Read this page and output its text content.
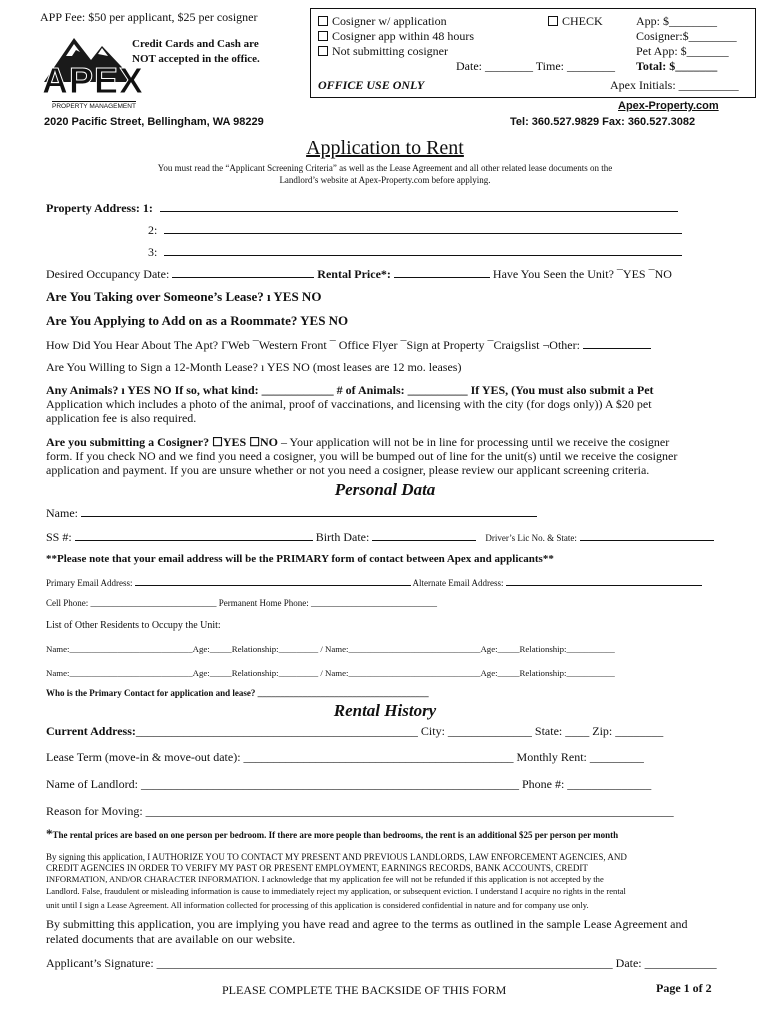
APP Fee: $50 per applicant, $25 per cosigner
APEX
PROPERTY MANAGEMENT
Credit Cards and Cash are
NOT accepted in the office.
Cosigner w/ application
Cosigner app within 48 hours
Not submitting cosigner
CHECK	App: $________
Cosigner:$________
Pet App: $_______
Total: $_______
Date: ________ Time: ________
OFFICE USE ONLY	Apex Initials: __________
Apex-Property.com
2020 Pacific Street, Bellingham, WA 98229	Tel: 360.527.9829 Fax: 360.527.3082
Application to Rent
You must read the “Applicant Screening Criteria” as well as the Lease Agreement and all other related lease documents on the
Landlord’s website at Apex-Property.com before applying.
Property Address: 1:
2:
3:
Desired Occupancy Date:	Rental Price*:	Have You Seen the Unit? ¯YES ¯NO
Are You Taking over Someone’s Lease? ı YES NO
Are You Applying to Add on as a Roommate? YES NO
How Did You Hear About The Apt? ΓWeb ¯Western Front ¯ Office Flyer ¯Sign at Property ¯Craigslist ¬Other:
Are You Willing to Sign a 12-Month Lease? ı YES NO (most leases are 12 mo. leases)
Any Animals? ı YES NO If so, what kind: ____________ # of Animals: __________ If YES, (You must also submit a Pet
Application which includes a photo of the animal, proof of vaccinations, and licensing with the city (for dogs only)) A $20 pet
application fee is also required.
Are you submitting a Cosigner? ☐YES ☐NO – Your application will not be in line for processing until we receive the cosigner
form. If you check NO and we find you need a cosigner, you will be bumped out of line for the unit(s) until we receive the cosigner
application and payment. If you are unsure whether or not you need a cosigner, please review our applicant screening criteria.
Personal Data
Name:
SS #:	Birth Date:	Driver’s Lic No. & State:
**Please note that your email address will be the PRIMARY form of contact between Apex and applicants**
Primary Email Address:	Alternate Email Address:
Cell Phone: ____________________________ Permanent Home Phone: ____________________________
List of Other Residents to Occupy the Unit:
Name:____________________________Age:_____Relationship:_________ / Name:______________________________Age:_____Relationship:___________
Name:____________________________Age:_____Relationship:_________ / Name:______________________________Age:_____Relationship:___________
Who is the Primary Contact for application and lease? ______________________________________
Rental History
Current Address:_______________________________________________ City: ______________ State: ____ Zip: ________
Lease Term (move-in & move-out date): _____________________________________________ Monthly Rent: _________
Name of Landlord: _______________________________________________________________ Phone #: ______________
Reason for Moving: ________________________________________________________________________________________
*The rental prices are based on one person per bedroom. If there are more people than bedrooms, the rent is an additional $25 per person per month
By signing this application, I AUTHORIZE YOU TO CONTACT MY PRESENT AND PREVIOUS LANDLORDS, LAW ENFORCEMENT AGENCIES, AND
CREDIT AGENCIES IN ORDER TO VERIFY MY PAST OR PRESENT EMPLOYMENT, EARNINGS RECORDS, BANK ACCOUNTS, CREDIT
INFORMATION, AND/OR CHARACTER INFORMATION. I acknowledge that my application fee will not be refunded if this application is not accepted by the
Landlord. False, fraudulent or misleading information is cause to immediately reject my application, or subsequent eviction. I understand I acquire no rights in the rental
unit until I sign a Lease Agreement. All information collected for processing of this application is considered confidential in nature and for company use only.
By submitting this application, you are implying you have read and agree to the terms as outlined in the sample Lease Agreement and
related documents that are available on our website.
Applicant’s Signature: ____________________________________________________________________________ Date: ____________
PLEASE COMPLETE THE BACKSIDE OF THIS FORM	Page 1 of 2
